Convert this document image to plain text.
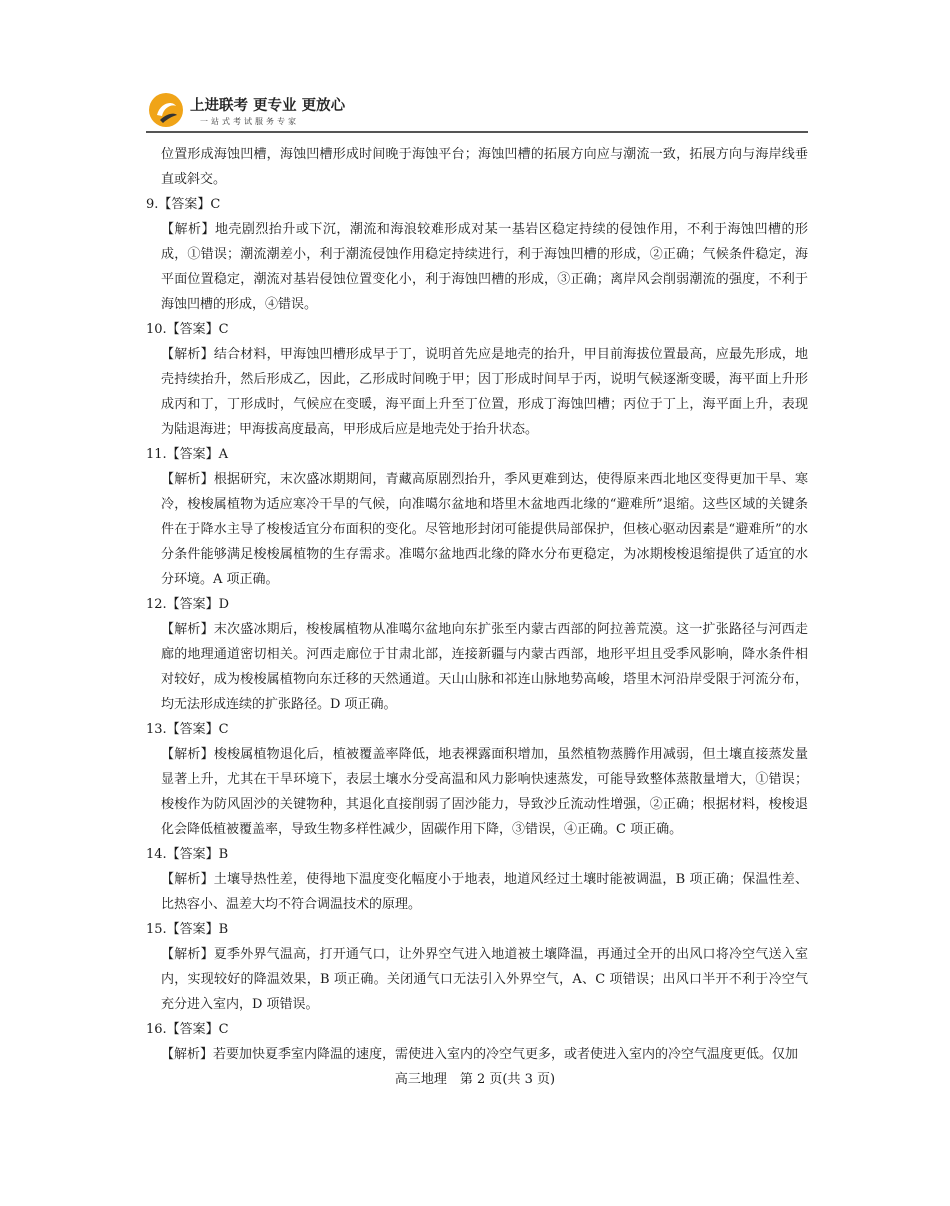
上进联考 更专业 更放心
一站式考试服务专家

位置形成海蚀凹槽，海蚀凹槽形成时间晚于海蚀平台；海蚀凹槽的拓展方向应与潮流一致，拓展方向与海岸线垂直或斜交。

9.【答案】C

【解析】地壳剧烈抬升或下沉，潮流和海浪较难形成对某一基岩区稳定持续的侵蚀作用，不利于海蚀凹槽的形成，①错误；潮流潮差小，利于潮流侵蚀作用稳定持续进行，利于海蚀凹槽的形成，②正确；气候条件稳定，海平面位置稳定，潮流对基岩侵蚀位置变化小，利于海蚀凹槽的形成，③正确；离岸风会削弱潮流的强度，不利于海蚀凹槽的形成，④错误。

10.【答案】C

【解析】结合材料，甲海蚀凹槽形成早于丁，说明首先应是地壳的抬升，甲目前海拔位置最高，应最先形成，地壳持续抬升，然后形成乙，因此，乙形成时间晚于甲；因丁形成时间早于丙，说明气候逐渐变暖，海平面上升形成丙和丁，丁形成时，气候应在变暖，海平面上升至丁位置，形成丁海蚀凹槽；丙位于丁上，海平面上升，表现为陆退海进；甲海拔高度最高，甲形成后应是地壳处于抬升状态。

11.【答案】A

【解析】根据研究，末次盛冰期期间，青藏高原剧烈抬升，季风更难到达，使得原来西北地区变得更加干旱、寒冷，梭梭属植物为适应寒冷干旱的气候，向准噶尔盆地和塔里木盆地西北缘的“避难所”退缩。这些区域的关键条件在于降水主导了梭梭适宜分布面积的变化。尽管地形封闭可能提供局部保护，但核心驱动因素是“避难所”的水分条件能够满足梭梭属植物的生存需求。准噶尔盆地西北缘的降水分布更稳定，为冰期梭梭退缩提供了适宜的水分环境。A 项正确。

12.【答案】D

【解析】末次盛冰期后，梭梭属植物从准噶尔盆地向东扩张至内蒙古西部的阿拉善荒漠。这一扩张路径与河西走廊的地理通道密切相关。河西走廊位于甘肃北部，连接新疆与内蒙古西部，地形平坦且受季风影响，降水条件相对较好，成为梭梭属植物向东迁移的天然通道。天山山脉和祁连山脉地势高峻，塔里木河沿岸受限于河流分布，均无法形成连续的扩张路径。D 项正确。

13.【答案】C

【解析】梭梭属植物退化后，植被覆盖率降低，地表裸露面积增加，虽然植物蒸腾作用减弱，但土壤直接蒸发量显著上升，尤其在干旱环境下，表层土壤水分受高温和风力影响快速蒸发，可能导致整体蒸散量增大，①错误；梭梭作为防风固沙的关键物种，其退化直接削弱了固沙能力，导致沙丘流动性增强，②正确；根据材料，梭梭退化会降低植被覆盖率，导致生物多样性减少，固碳作用下降，③错误，④正确。C 项正确。

14.【答案】B

【解析】土壤导热性差，使得地下温度变化幅度小于地表，地道风经过土壤时能被调温，B 项正确；保温性差、比热容小、温差大均不符合调温技术的原理。

15.【答案】B

【解析】夏季外界气温高，打开通气口，让外界空气进入地道被土壤降温，再通过全开的出风口将冷空气送入室内，实现较好的降温效果，B 项正确。关闭通气口无法引入外界空气，A、C 项错误；出风口半开不利于冷空气充分进入室内，D 项错误。

16.【答案】C

【解析】若要加快夏季室内降温的速度，需使进入室内的冷空气更多，或者使进入室内的冷空气温度更低。仅加

高三地理　第 2 页(共 3 页)
